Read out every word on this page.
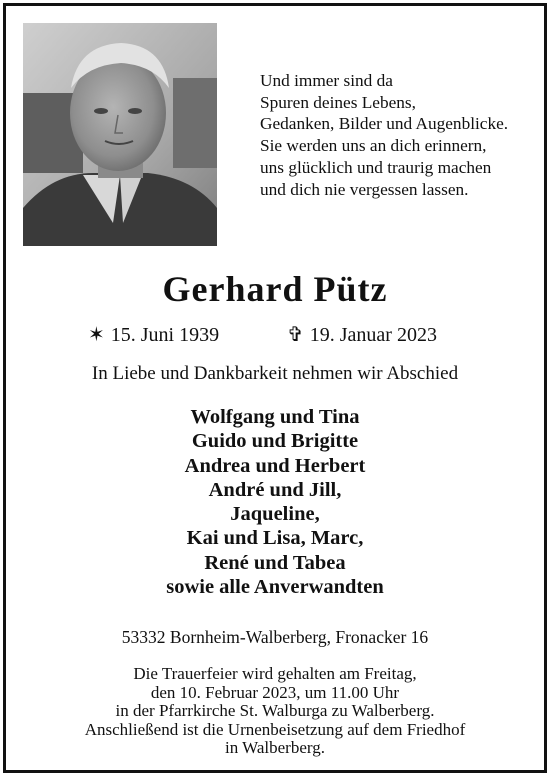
Und immer sind da
Spuren deines Lebens,
Gedanken, Bilder und Augenblicke.
Sie werden uns an dich erinnern,
uns glücklich und traurig machen
und dich nie vergessen lassen.
Gerhard Pütz
✶ 15. Juni 1939	✞ 19. Januar 2023
In Liebe und Dankbarkeit nehmen wir Abschied
Wolfgang und Tina
Guido und Brigitte
Andrea und Herbert
André und Jill,
Jaqueline,
Kai und Lisa, Marc,
René und Tabea
sowie alle Anverwandten
53332 Bornheim-Walberberg, Fronacker 16
Die Trauerfeier wird gehalten am Freitag,
den 10. Februar 2023, um 11.00 Uhr
in der Pfarrkirche St. Walburga zu Walberberg.
Anschließend ist die Urnenbeisetzung auf dem Friedhof
in Walberberg.
